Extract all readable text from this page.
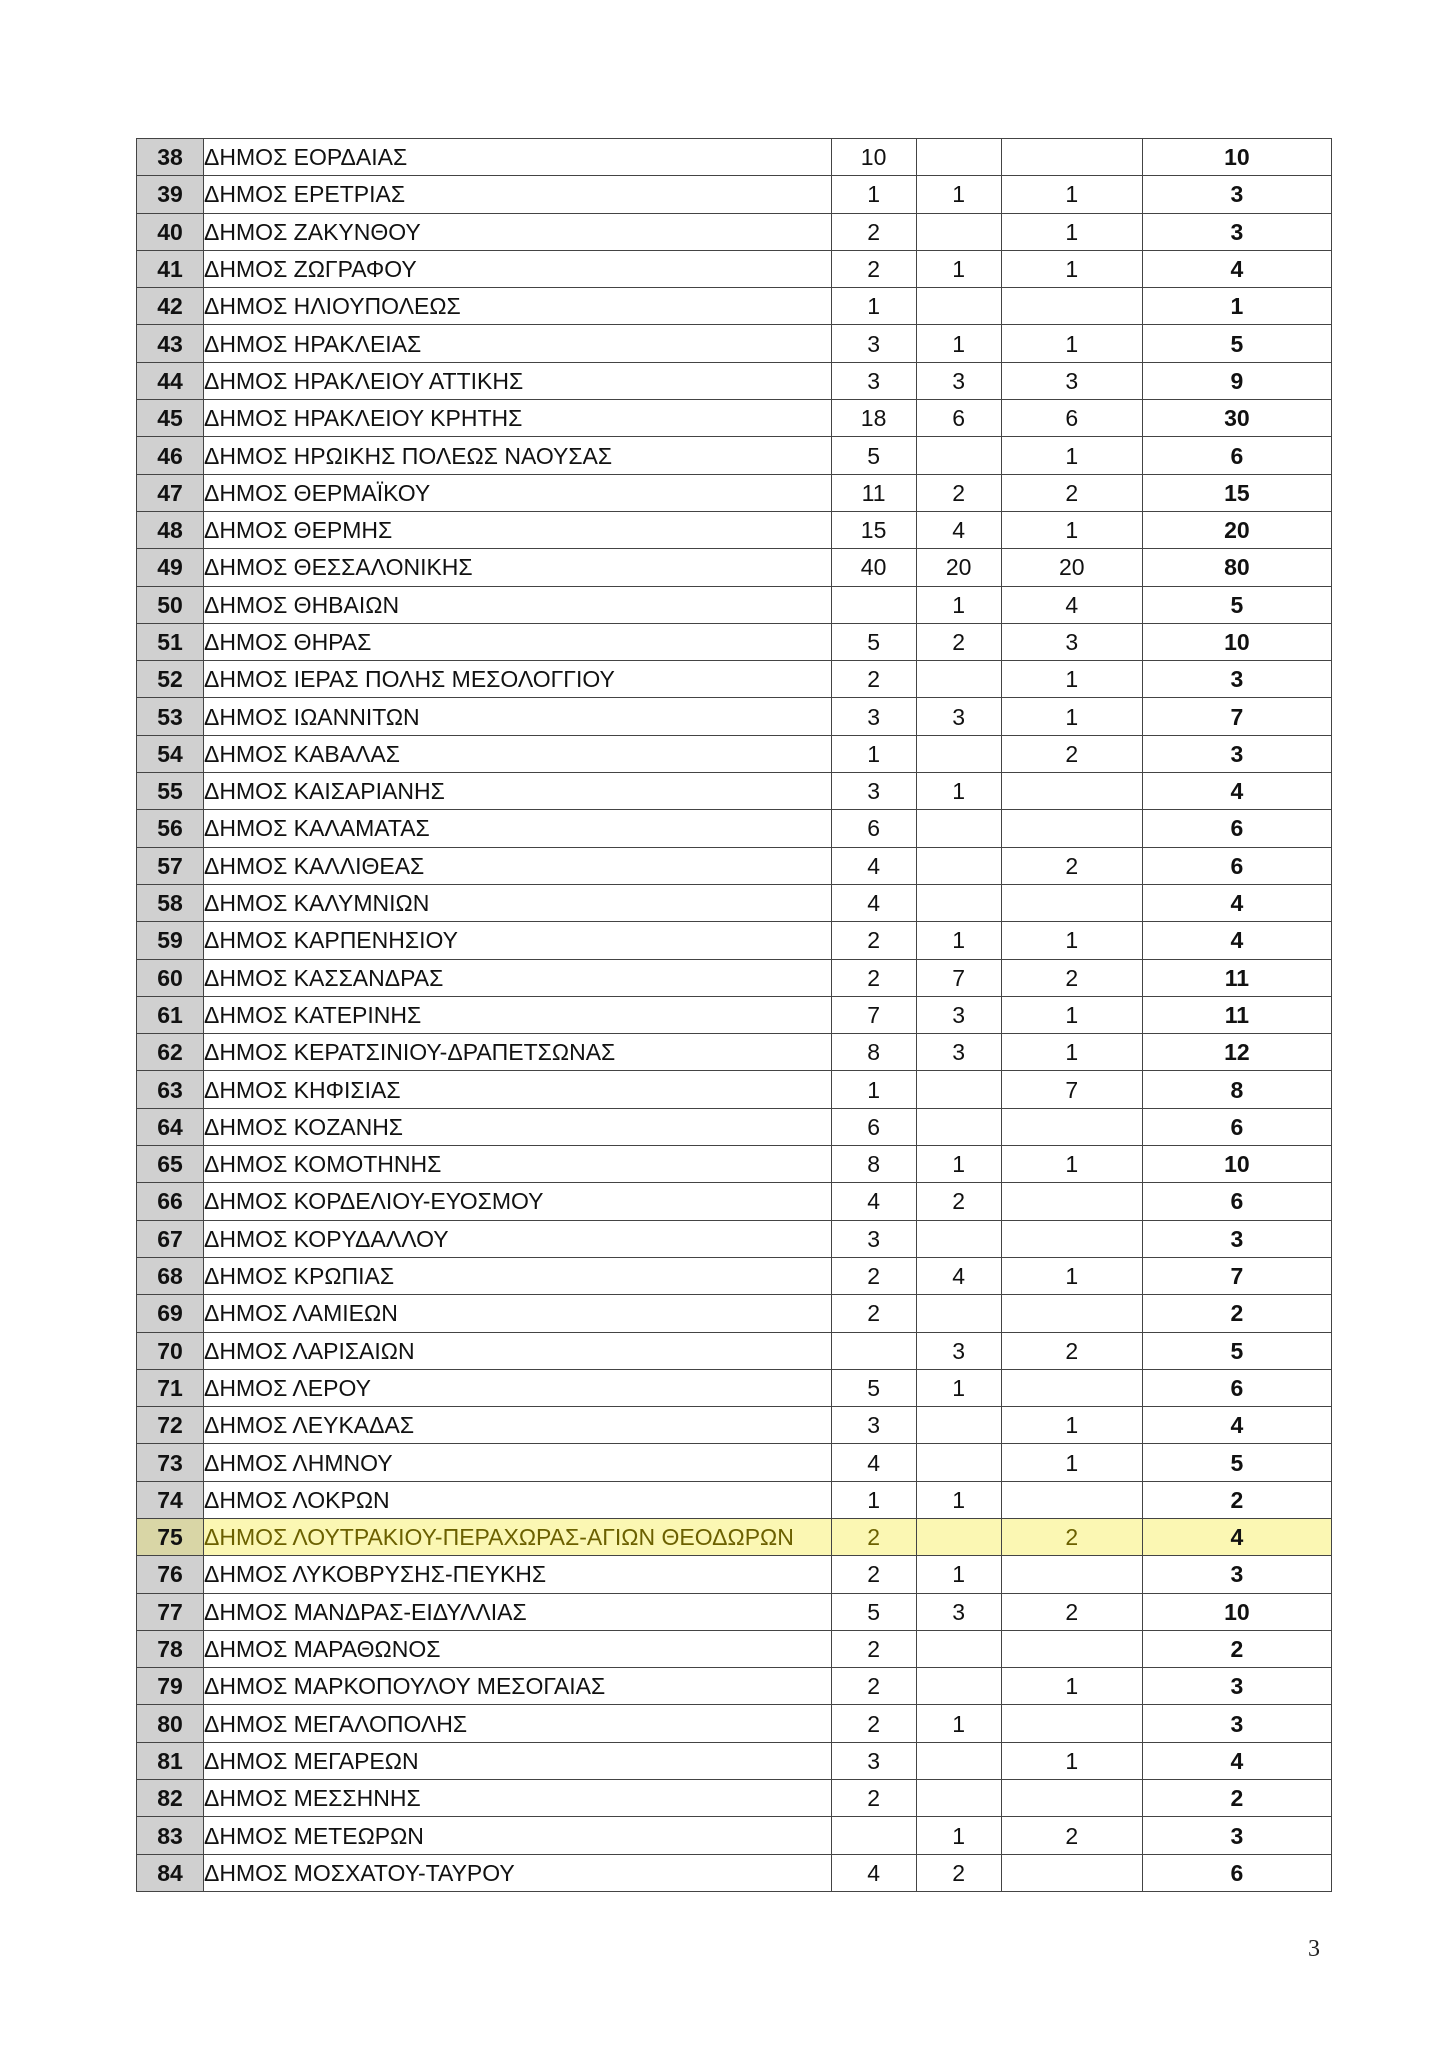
38	ΔΗΜΟΣ ΕΟΡΔΑΙΑΣ	10			10
39	ΔΗΜΟΣ ΕΡΕΤΡΙΑΣ	1	1	1	3
40	ΔΗΜΟΣ ΖΑΚΥΝΘΟΥ	2		1	3
41	ΔΗΜΟΣ ΖΩΓΡΑΦΟΥ	2	1	1	4
42	ΔΗΜΟΣ ΗΛΙΟΥΠΟΛΕΩΣ	1			1
43	ΔΗΜΟΣ ΗΡΑΚΛΕΙΑΣ	3	1	1	5
44	ΔΗΜΟΣ ΗΡΑΚΛΕΙΟΥ ΑΤΤΙΚΗΣ	3	3	3	9
45	ΔΗΜΟΣ ΗΡΑΚΛΕΙΟΥ ΚΡΗΤΗΣ	18	6	6	30
46	ΔΗΜΟΣ ΗΡΩΙΚΗΣ ΠΟΛΕΩΣ ΝΑΟΥΣΑΣ	5		1	6
47	ΔΗΜΟΣ ΘΕΡΜΑΪΚΟΥ	11	2	2	15
48	ΔΗΜΟΣ ΘΕΡΜΗΣ	15	4	1	20
49	ΔΗΜΟΣ ΘΕΣΣΑΛΟΝΙΚΗΣ	40	20	20	80
50	ΔΗΜΟΣ ΘΗΒΑΙΩΝ		1	4	5
51	ΔΗΜΟΣ ΘΗΡΑΣ	5	2	3	10
52	ΔΗΜΟΣ ΙΕΡΑΣ ΠΟΛΗΣ ΜΕΣΟΛΟΓΓΙΟΥ	2		1	3
53	ΔΗΜΟΣ ΙΩΑΝΝΙΤΩΝ	3	3	1	7
54	ΔΗΜΟΣ ΚΑΒΑΛΑΣ	1		2	3
55	ΔΗΜΟΣ ΚΑΙΣΑΡΙΑΝΗΣ	3	1		4
56	ΔΗΜΟΣ ΚΑΛΑΜΑΤΑΣ	6			6
57	ΔΗΜΟΣ ΚΑΛΛΙΘΕΑΣ	4		2	6
58	ΔΗΜΟΣ ΚΑΛΥΜΝΙΩΝ	4			4
59	ΔΗΜΟΣ ΚΑΡΠΕΝΗΣΙΟΥ	2	1	1	4
60	ΔΗΜΟΣ ΚΑΣΣΑΝΔΡΑΣ	2	7	2	11
61	ΔΗΜΟΣ ΚΑΤΕΡΙΝΗΣ	7	3	1	11
62	ΔΗΜΟΣ ΚΕΡΑΤΣΙΝΙΟΥ-ΔΡΑΠΕΤΣΩΝΑΣ	8	3	1	12
63	ΔΗΜΟΣ ΚΗΦΙΣΙΑΣ	1		7	8
64	ΔΗΜΟΣ ΚΟΖΑΝΗΣ	6			6
65	ΔΗΜΟΣ ΚΟΜΟΤΗΝΗΣ	8	1	1	10
66	ΔΗΜΟΣ ΚΟΡΔΕΛΙΟΥ-ΕΥΟΣΜΟΥ	4	2		6
67	ΔΗΜΟΣ ΚΟΡΥΔΑΛΛΟΥ	3			3
68	ΔΗΜΟΣ ΚΡΩΠΙΑΣ	2	4	1	7
69	ΔΗΜΟΣ ΛΑΜΙΕΩΝ	2			2
70	ΔΗΜΟΣ ΛΑΡΙΣΑΙΩΝ		3	2	5
71	ΔΗΜΟΣ ΛΕΡΟΥ	5	1		6
72	ΔΗΜΟΣ ΛΕΥΚΑΔΑΣ	3		1	4
73	ΔΗΜΟΣ ΛΗΜΝΟΥ	4		1	5
74	ΔΗΜΟΣ ΛΟΚΡΩΝ	1	1		2
75	ΔΗΜΟΣ ΛΟΥΤΡΑΚΙΟΥ-ΠΕΡΑΧΩΡΑΣ-ΑΓΙΩΝ ΘΕΟΔΩΡΩΝ	2		2	4
76	ΔΗΜΟΣ ΛΥΚΟΒΡΥΣΗΣ-ΠΕΥΚΗΣ	2	1		3
77	ΔΗΜΟΣ ΜΑΝΔΡΑΣ-ΕΙΔΥΛΛΙΑΣ	5	3	2	10
78	ΔΗΜΟΣ ΜΑΡΑΘΩΝΟΣ	2			2
79	ΔΗΜΟΣ ΜΑΡΚΟΠΟΥΛΟΥ ΜΕΣΟΓΑΙΑΣ	2		1	3
80	ΔΗΜΟΣ ΜΕΓΑΛΟΠΟΛΗΣ	2	1		3
81	ΔΗΜΟΣ ΜΕΓΑΡΕΩΝ	3		1	4
82	ΔΗΜΟΣ ΜΕΣΣΗΝΗΣ	2			2
83	ΔΗΜΟΣ ΜΕΤΕΩΡΩΝ		1	2	3
84	ΔΗΜΟΣ ΜΟΣΧΑΤΟΥ-ΤΑΥΡΟΥ	4	2		6
3
